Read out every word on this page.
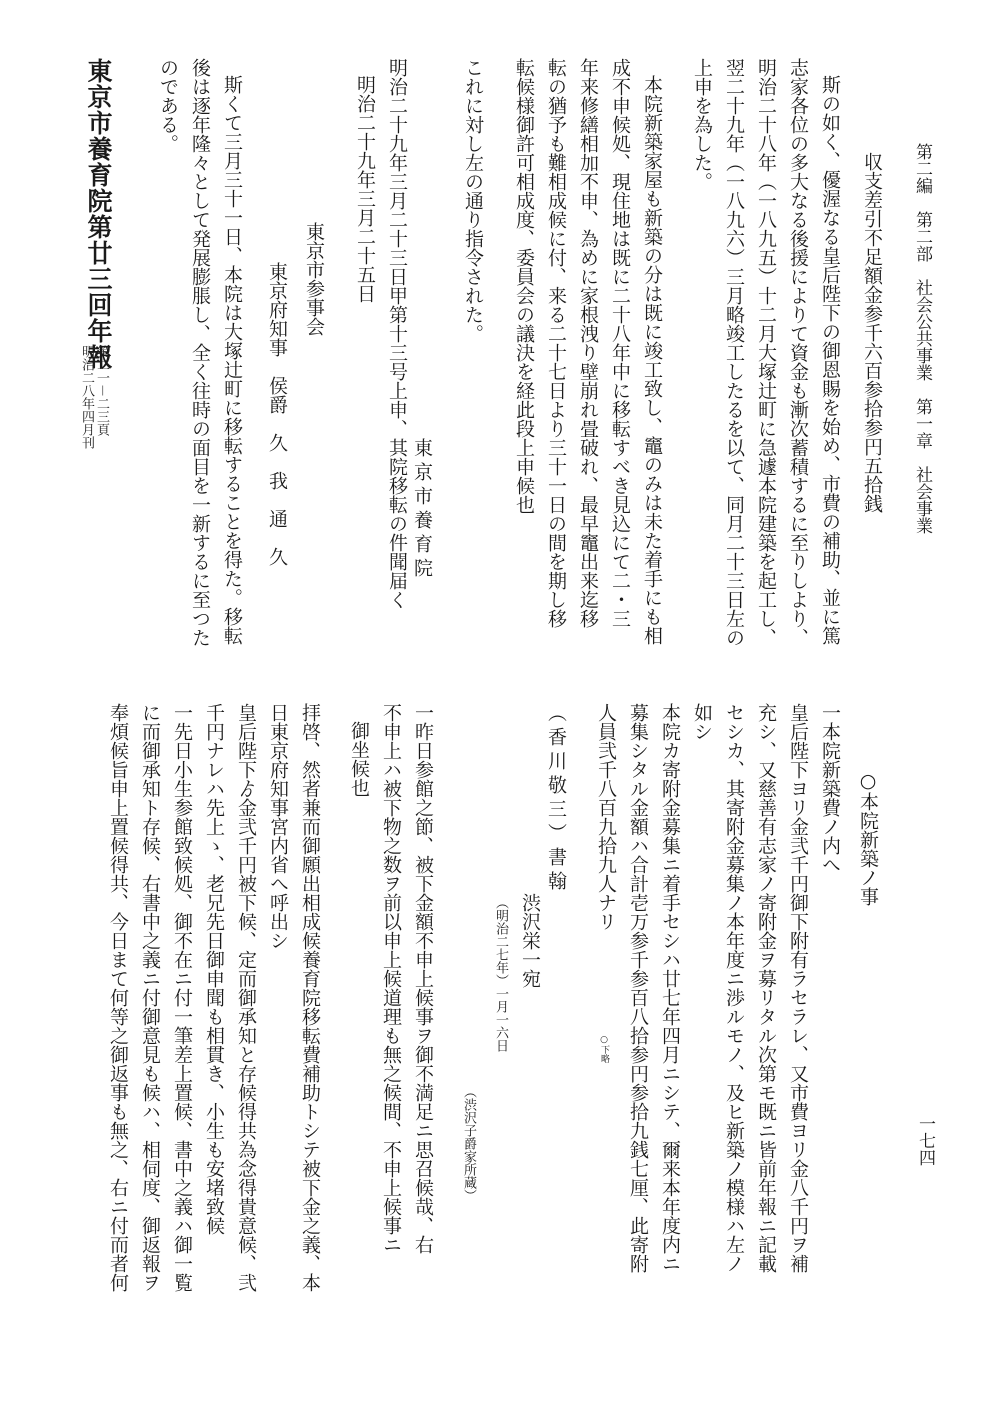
第二編　第二部　社会公共事業　第一章　社会事業
一七四
収支差引不足額金参千六百参拾参円五拾銭
斯の如く、優渥なる皇后陛下の御恩賜を始め、市費の補助、並に篤
志家各位の多大なる後援によりて資金も漸次蓄積するに至りしより、
明治二十八年（一八九五）十二月大塚辻町に急遽本院建築を起工し、
翌二十九年（一八九六）三月略竣工したるを以て、同月二十三日左の
上申を為した。
本院新築家屋も新築の分は既に竣工致し、竈のみは未た着手にも相
成不申候処、現住地は既に二十八年中に移転すべき見込にて二・三
年来修繕相加不申、為めに家根洩り壁崩れ畳破れ、最早竈出来迄移
転の猶予も難相成候に付、来る二十七日より三十一日の間を期し移
転候様御許可相成度、委員会の議決を経此段上申候也
これに対し左の通り指令された。
東京市養育院
明治二十九年三月二十三日甲第十三号上申、其院移転の件聞届く
明治二十九年三月二十五日
東京市参事会
東京府知事　侯爵　久　我　通　久
斯くて三月三十一日、本院は大塚辻町に移転することを得た。移転
後は逐年隆々として発展膨脹し、全く往時の面目を一新するに至つた
のである。
東京市養育院第廿三回年報
第二一－二三頁
明治二八年四月刊
○本院新築ノ事
一本院新築費ノ内へ
皇后陛下ヨリ金弐千円御下附有ラセラレ、又市費ヨリ金八千円ヲ補
充シ、又慈善有志家ノ寄附金ヲ募リタル次第モ既ニ皆前年報ニ記載
セシカ、其寄附金募集ノ本年度ニ渉ルモノ、及ヒ新築ノ模様ハ左ノ
如シ
本院カ寄附金募集ニ着手セシハ廿七年四月ニシテ、爾来本年度内ニ
募集シタル金額ハ合計壱万参千参百八拾参円参拾九銭七厘、此寄附
人員弐千八百九拾九人ナリ
○下略
（香川敬三）書翰
渋沢栄一宛
（明治二七年）一月一六日
（渋沢子爵家所蔵）
一昨日参館之節、被下金額不申上候事ヲ御不満足ニ思召候哉、右
不申上ハ被下物之数ヲ前以申上候道理も無之候間、不申上候事ニ
御坐候也
拝啓、然者兼而御願出相成候養育院移転費補助トシテ被下金之義、本
日東京府知事宮内省へ呼出シ
皇后陛下ゟ金弐千円被下候、定而御承知と存候得共為念得貴意候、弐
千円ナレハ先上ゝ、老兄先日御申聞も相貫き、小生も安堵致候
一先日小生参館致候処、御不在ニ付一筆差上置候、書中之義ハ御一覧
に而御承知ト存候、右書中之義ニ付御意見も候ハ、相伺度、御返報ヲ
奉煩候旨申上置候得共、今日まて何等之御返事も無之、右ニ付而者何
